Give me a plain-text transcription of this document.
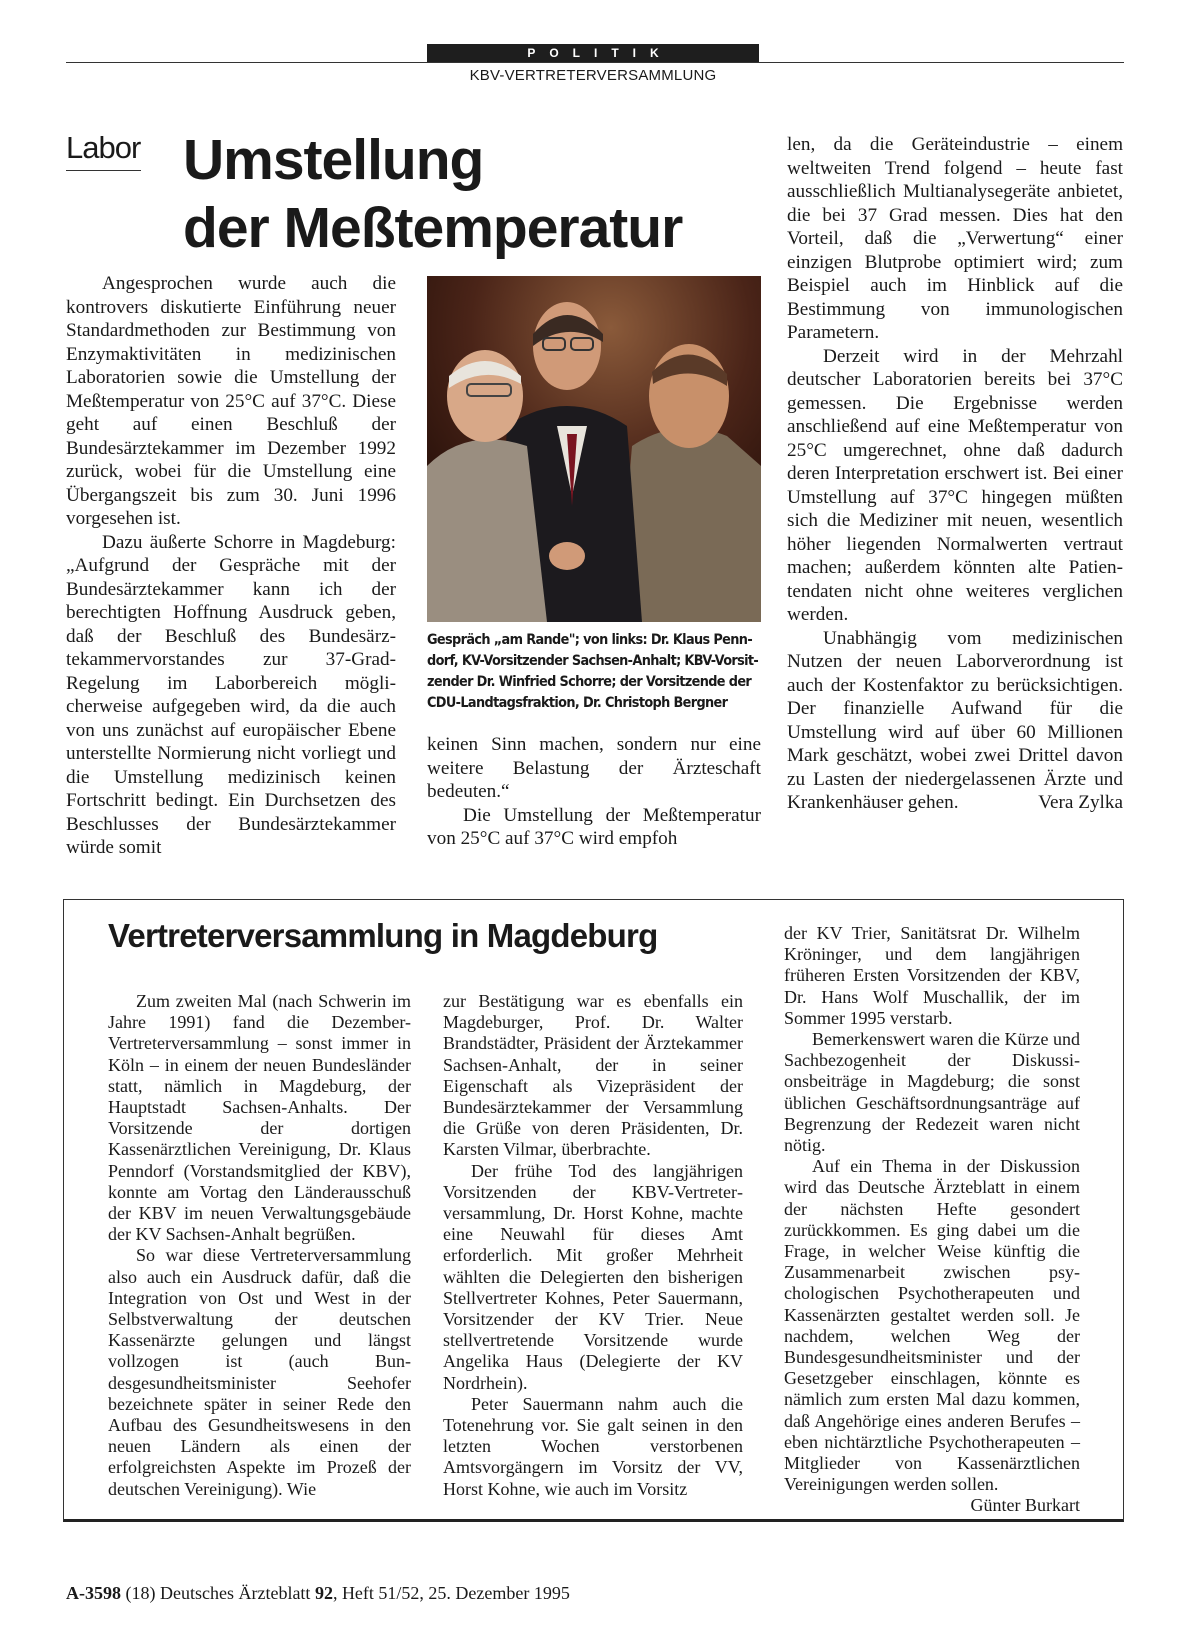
POLITIK
KBV-VERTRETERVERSAMMLUNG
Labor Umstellung
der Meßtemperatur

Angesprochen wurde auch die kontrovers diskutierte Einführung neuer Standardmethoden zur Bestimmung von Enzymaktivitäten in medizinischen Laboratorien sowie die Umstellung der Meßtemperatur von 25°C auf 37°C. Diese geht auf einen Beschluß der Bundesärztekammer im Dezember 1992 zurück, wobei für die Umstellung eine Übergangszeit bis zum 30. Juni 1996 vorgesehen ist.

Dazu äußerte Schorre in Magdeburg: „Aufgrund der Gespräche mit der Bundesärztekammer kann ich der berechtigten Hoffnung Ausdruck geben, daß der Beschluß des Bundesärztekammervorstandes zur 37-Grad-Regelung im Laborbereich möglicherweise aufgegeben wird, da die auch von uns zunächst auf europäischer Ebene unterstellte Normierung nicht vorliegt und die Umstellung medizinisch keinen Fortschritt bedingt. Ein Durchsetzen des Beschlusses der Bundesärztekammer würde somit

Gespräch „am Rande"; von links: Dr. Klaus Penndorf, KV-Vorsitzender Sachsen-Anhalt; KBV-Vorsitzender Dr. Winfried Schorre; der Vorsitzende der CDU-Landtagsfraktion, Dr. Christoph Bergner

keinen Sinn machen, sondern nur eine weitere Belastung der Ärzteschaft bedeuten.“

Die Umstellung der Meßtemperatur von 25°C auf 37°C wird empfoh

len, da die Geräteindustrie – einem weltweiten Trend folgend – heute fast ausschließlich Multianalysegeräte anbietet, die bei 37 Grad messen. Dies hat den Vorteil, daß die „Verwertung“ einer einzigen Blutprobe optimiert wird; zum Beispiel auch im Hinblick auf die Bestimmung von immunologischen Parametern.

Derzeit wird in der Mehrzahl deutscher Laboratorien bereits bei 37°C gemessen. Die Ergebnisse werden anschließend auf eine Meßtemperatur von 25°C umgerechnet, ohne daß dadurch deren Interpretation erschwert ist. Bei einer Umstellung auf 37°C hingegen müßten sich die Mediziner mit neuen, wesentlich höher liegenden Normalwerten vertraut machen; außerdem könnten alte Patientendaten nicht ohne weiteres verglichen werden.

Unabhängig vom medizinischen Nutzen der neuen Laborverordnung ist auch der Kostenfaktor zu berücksichtigen. Der finanzielle Aufwand für die Umstellung wird auf über 60 Millionen Mark geschätzt, wobei zwei Drittel davon zu Lasten der niedergelassenen Ärzte und Krankenhäuser gehen.	Vera Zylka

Vertreterversammlung in Magdeburg

Zum zweiten Mal (nach Schwerin im Jahre 1991) fand die Dezember-Vertreterversammlung – sonst immer in Köln – in einem der neuen Bundesländer statt, nämlich in Magdeburg, der Hauptstadt Sachsen-Anhalts. Der Vorsitzende der dortigen Kassenärztlichen Vereinigung, Dr. Klaus Penndorf (Vorstandsmitglied der KBV), konnte am Vortag den Länderausschuß der KBV im neuen Verwaltungsgebäude der KV Sachsen-Anhalt begrüßen.

So war diese Vertreterversammlung also auch ein Ausdruck dafür, daß die Integration von Ost und West in der Selbstverwaltung der deutschen Kassenärzte gelungen und längst vollzogen ist (auch Bundesgesundheitsminister Seehofer bezeichnete später in seiner Rede den Aufbau des Gesundheitswesens in den neuen Ländern als einen der erfolgreichsten Aspekte im Prozeß der deutschen Vereinigung). Wie

zur Bestätigung war es ebenfalls ein Magdeburger, Prof. Dr. Walter Brandstädter, Präsident der Ärztekammer Sachsen-Anhalt, der in seiner Eigenschaft als Vizepräsident der Bundesärztekammer der Versammlung die Grüße von deren Präsidenten, Dr. Karsten Vilmar, überbrachte.

Der frühe Tod des langjährigen Vorsitzenden der KBV-Vertreterversammlung, Dr. Horst Kohne, machte eine Neuwahl für dieses Amt erforderlich. Mit großer Mehrheit wählten die Delegierten den bisherigen Stellvertreter Kohnes, Peter Sauermann, Vorsitzender der KV Trier. Neue stellvertretende Vorsitzende wurde Angelika Haus (Delegierte der KV Nordrhein).

Peter Sauermann nahm auch die Totenehrung vor. Sie galt seinen in den letzten Wochen verstorbenen Amtsvorgängern im Vorsitz der VV, Horst Kohne, wie auch im Vorsitz

der KV Trier, Sanitätsrat Dr. Wilhelm Kröninger, und dem langjährigen früheren Ersten Vorsitzenden der KBV, Dr. Hans Wolf Muschallik, der im Sommer 1995 verstarb.

Bemerkenswert waren die Kürze und Sachbezogenheit der Diskussionsbeiträge in Magdeburg; die sonst üblichen Geschäftsordnungsanträge auf Begrenzung der Redezeit waren nicht nötig.

Auf ein Thema in der Diskussion wird das Deutsche Ärzteblatt in einem der nächsten Hefte gesondert zurückkommen. Es ging dabei um die Frage, in welcher Weise künftig die Zusammenarbeit zwischen psychologischen Psychotherapeuten und Kassenärzten gestaltet werden soll. Je nachdem, welchen Weg der Bundesgesundheitsminister und der Gesetzgeber einschlagen, könnte es nämlich zum ersten Mal dazu kommen, daß Angehörige eines anderen Berufes – eben nichtärztliche Psychotherapeuten – Mitglieder von Kassenärztlichen Vereinigungen werden sollen.
Günter Burkart

A-3598 (18) Deutsches Ärzteblatt 92, Heft 51/52, 25. Dezember 1995
